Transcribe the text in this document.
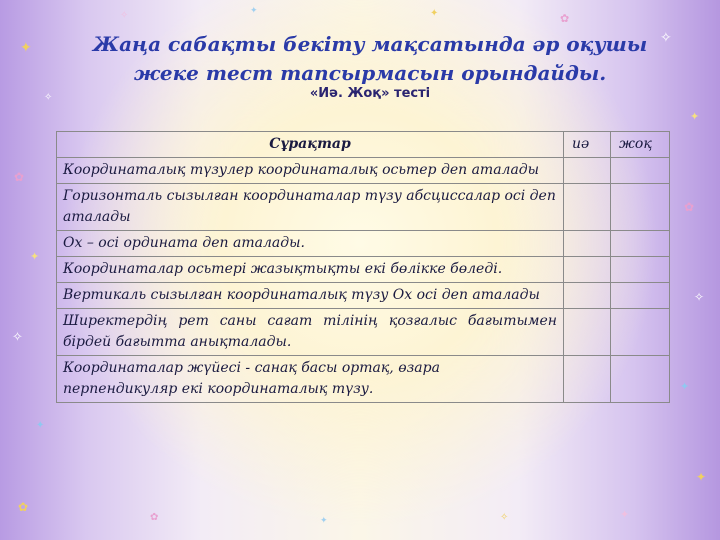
✦
✧
✿
✦
✧
✦
✿
✧	✦	✦	✿
✧
✦
✿
✧
✦
✦
✿	✦	✧	✦
Жаңа сабақты бекіту мақсатында әр оқушы жеке тест тапсырмасын орындайды.
«Иә. Жоқ» тесті
Сұрақтар	иә	жоқ
Координаталық түзулер координаталық осьтер деп аталады		
Горизонталь сызылған координаталар түзу абсциссалар осі деп аталады		
Ох – осі ордината деп аталады.		
Координаталар осьтері жазықтықты екі бөлікке бөледі.		
Вертикаль сызылған координаталық түзу Ох осі деп аталады		
Ширектердің рет саны сағат тілінің қозғалыс бағытымен бірдей бағытта анықталады.		
Координаталар жүйесі - санақ басы ортақ, өзара перпендикуляр екі координаталық түзу.		
